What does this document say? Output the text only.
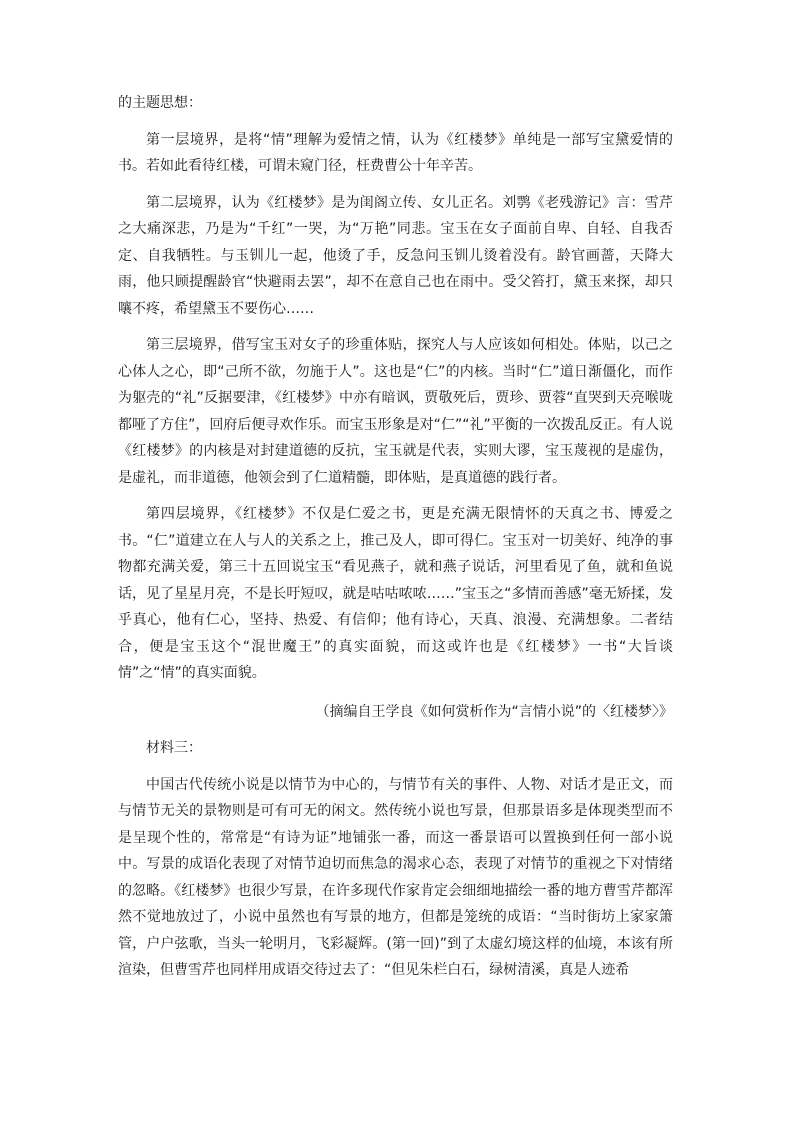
的主题思想：

第一层境界，是将“情”理解为爱情之情，认为《红楼梦》单纯是一部写宝黛爱情的书。若如此看待红楼，可谓未窥门径，枉费曹公十年辛苦。

第二层境界，认为《红楼梦》是为闺阁立传、女儿正名。刘鹗《老残游记》言：雪芹之大痛深悲，乃是为“千红”一哭，为“万艳”同悲。宝玉在女子面前自卑、自轻、自我否定、自我牺牲。与玉钏儿一起，他烫了手，反急问玉钏儿烫着没有。龄官画蔷，天降大雨，他只顾提醒龄官“快避雨去罢”，却不在意自己也在雨中。受父笞打，黛玉来探，却只嚷不疼，希望黛玉不要伤心……

第三层境界，借写宝玉对女子的珍重体贴，探究人与人应该如何相处。体贴，以己之心体人之心，即“己所不欲，勿施于人”。这也是“仁”的内核。当时“仁”道日渐僵化，而作为躯壳的“礼”反据要津，《红楼梦》中亦有暗讽，贾敬死后，贾珍、贾蓉“直哭到天亮喉咙都哑了方住”，回府后便寻欢作乐。而宝玉形象是对“仁”“礼”平衡的一次拨乱反正。有人说《红楼梦》的内核是对封建道德的反抗，宝玉就是代表，实则大谬，宝玉蔑视的是虚伪，是虚礼，而非道德，他领会到了仁道精髓，即体贴，是真道德的践行者。

第四层境界，《红楼梦》不仅是仁爱之书，更是充满无限情怀的天真之书、博爱之书。“仁”道建立在人与人的关系之上，推己及人，即可得仁。宝玉对一切美好、纯净的事物都充满关爱，第三十五回说宝玉“看见燕子，就和燕子说话，河里看见了鱼，就和鱼说话，见了星星月亮，不是长吁短叹，就是咕咕哝哝……”宝玉之“多情而善感”毫无矫揉，发乎真心，他有仁心，坚持、热爱、有信仰；他有诗心，天真、浪漫、充满想象。二者结合，便是宝玉这个“混世魔王”的真实面貌，而这或许也是《红楼梦》一书“大旨谈情”之“情”的真实面貌。

（摘编自王学良《如何赏析作为“言情小说”的〈红楼梦〉》

材料三：

中国古代传统小说是以情节为中心的，与情节有关的事件、人物、对话才是正文，而与情节无关的景物则是可有可无的闲文。然传统小说也写景，但那景语多是体现类型而不是呈现个性的，常常是“有诗为证”地铺张一番，而这一番景语可以置换到任何一部小说中。写景的成语化表现了对情节迫切而焦急的渴求心态，表现了对情节的重视之下对情绪的忽略。《红楼梦》也很少写景，在许多现代作家肯定会细细地描绘一番的地方曹雪芹都浑然不觉地放过了，小说中虽然也有写景的地方，但都是笼统的成语：“当时街坊上家家箫管，户户弦歌，当头一轮明月，飞彩凝辉。(第一回)”到了太虚幻境这样的仙境，本该有所渲染，但曹雪芹也同样用成语交待过去了：“但见朱栏白石，绿树清溪，真是人迹希
